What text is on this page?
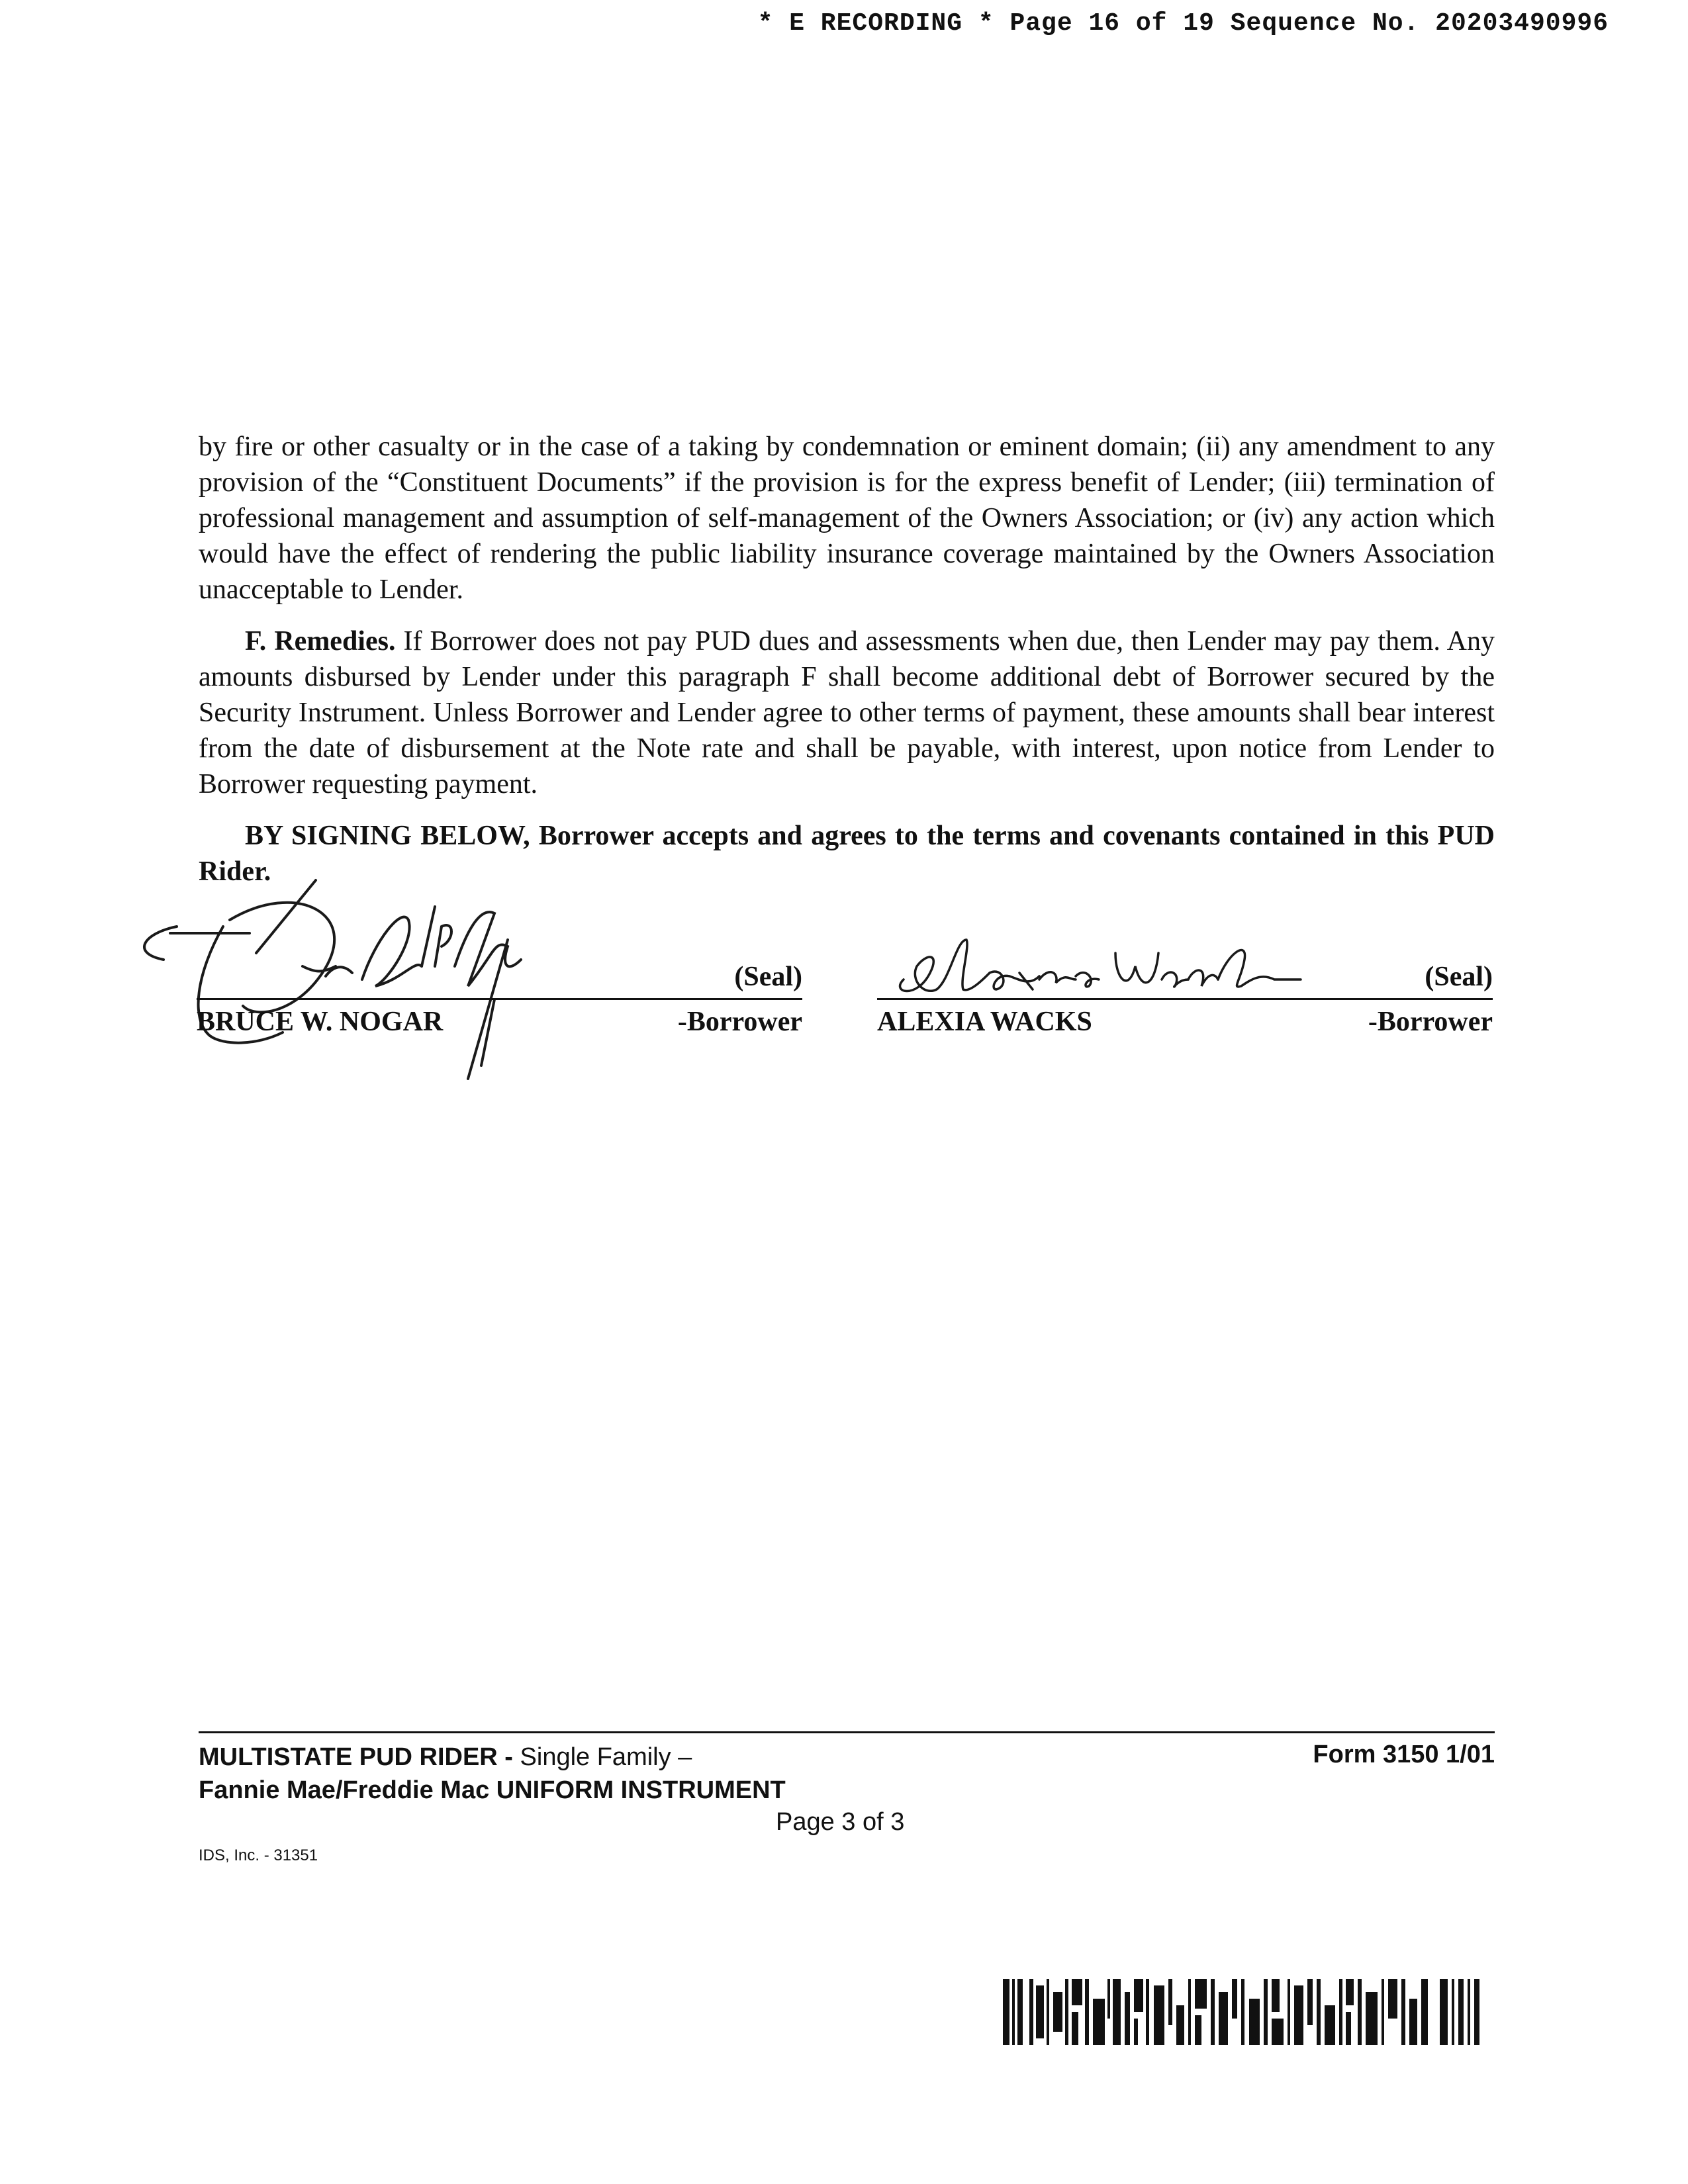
* E RECORDING * Page 16 of 19 Sequence No. 20203490996

by fire or other casualty or in the case of a taking by condemnation or eminent domain; (ii) any amendment to any provision of the “Constituent Documents” if the provision is for the express benefit of Lender; (iii) termination of professional management and assumption of self-management of the Owners Association; or (iv) any action which would have the effect of rendering the public liability insurance coverage maintained by the Owners Association unacceptable to Lender.

F. Remedies. If Borrower does not pay PUD dues and assessments when due, then Lender may pay them. Any amounts disbursed by Lender under this paragraph F shall become additional debt of Borrower secured by the Security Instrument. Unless Borrower and Lender agree to other terms of payment, these amounts shall bear interest from the date of disbursement at the Note rate and shall be payable, with interest, upon notice from Lender to Borrower requesting payment.

BY SIGNING BELOW, Borrower accepts and agrees to the terms and covenants contained in this PUD Rider.

(Seal)
BRUCE W. NOGAR	-Borrower
(Seal)
ALEXIA WACKS	-Borrower
MULTISTATE PUD RIDER - Single Family –
Fannie Mae/Freddie Mac UNIFORM INSTRUMENT
Form 3150 1/01
Page 3 of 3
IDS, Inc. - 31351
